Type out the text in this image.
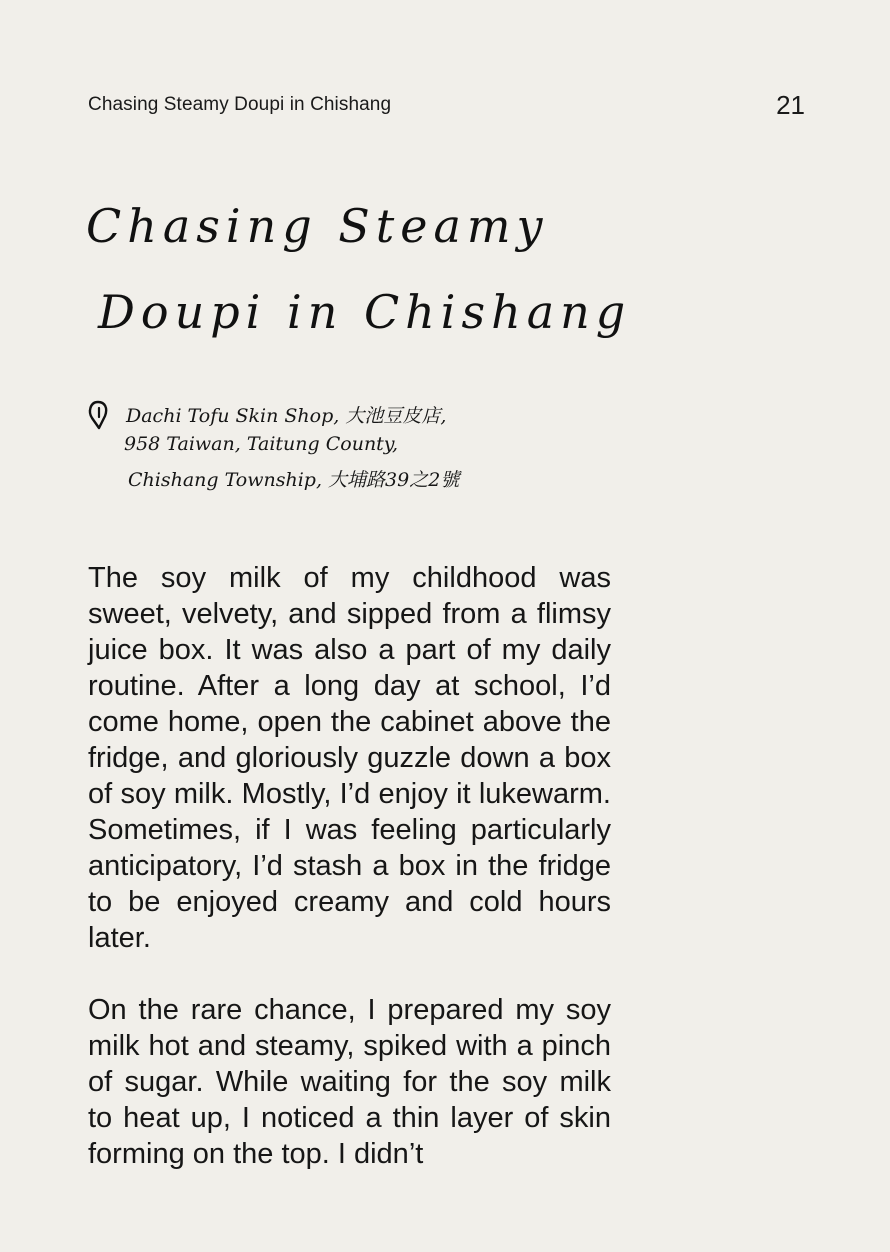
Chasing Steamy Doupi in Chishang	21
Chasing Steamy
Doupi in Chishang
Dachi Tofu Skin Shop, 大池豆皮店,
958 Taiwan, Taitung County,
Chishang Township, 大埔路39之2號

The soy milk of my childhood was sweet, velvety, and sipped from a flimsy juice box. It was also a part of my daily routine. After a long day at school, I’d come home, open the cabinet above the fridge, and gloriously guzzle down a box of soy milk. Mostly, I’d enjoy it lukewarm. Sometimes, if I was feeling particularly anticipatory, I’d stash a box in the fridge to be enjoyed creamy and cold hours later.

On the rare chance, I prepared my soy milk hot and steamy, spiked with a pinch of sugar. While waiting for the soy milk to heat up, I noticed a thin layer of skin forming on the top. I didn’t
